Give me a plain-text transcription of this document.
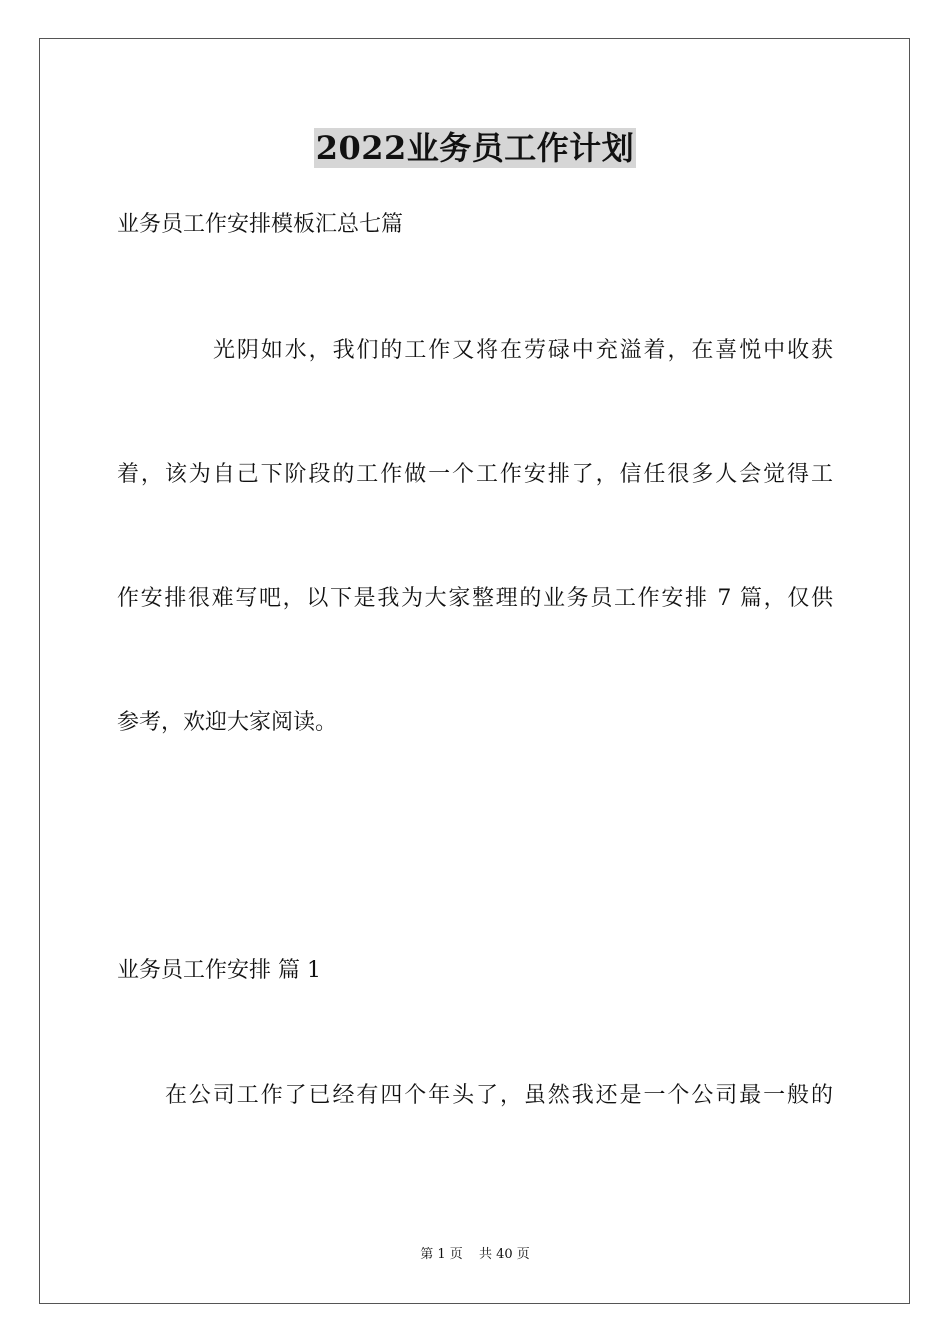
2022业务员工作计划
业务员工作安排模板汇总七篇
光阴如水，我们的工作又将在劳碌中充溢着，在喜悦中收获
着，该为自己下阶段的工作做一个工作安排了，信任很多人会觉得工
作安排很难写吧，以下是我为大家整理的业务员工作安排 7 篇，仅供
参考，欢迎大家阅读。
业务员工作安排 篇 1
在公司工作了已经有四个年头了，虽然我还是一个公司最一般的
第 1 页 共 40 页
